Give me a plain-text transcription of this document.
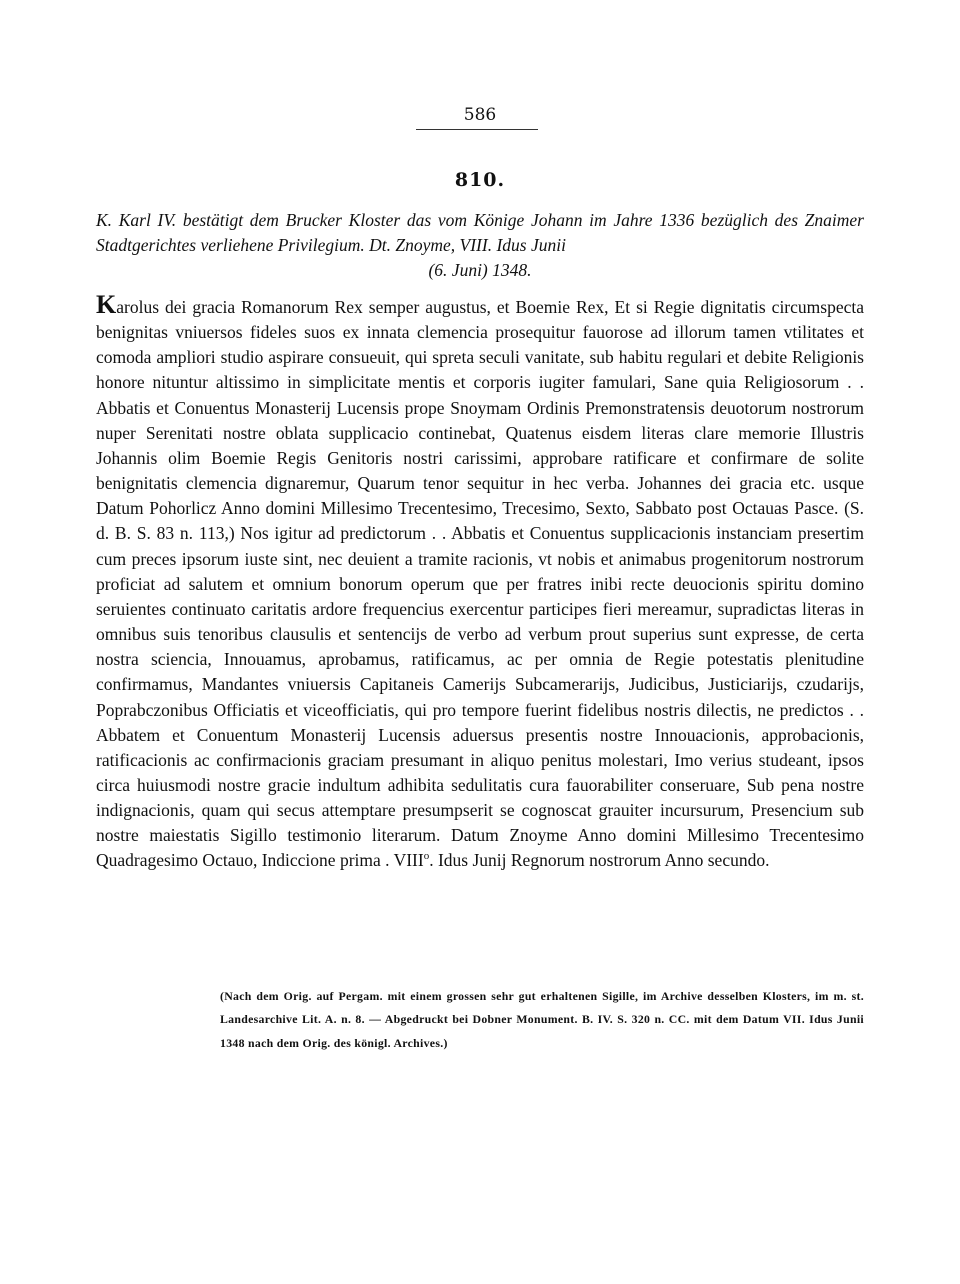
586
810.
K. Karl IV. bestätigt dem Brucker Kloster das vom Könige Johann im Jahre 1336 bezüglich des Znaimer Stadtgerichtes verliehene Privilegium. Dt. Znoyme, VIII. Idus Junii
(6. Juni) 1348.
Karolus dei gracia Romanorum Rex semper augustus, et Boemie Rex, Et si Regie dignitatis circumspecta benignitas vniuersos fideles suos ex innata clemencia prosequitur fauorose ad illorum tamen vtilitates et comoda ampliori studio aspirare consueuit, qui spreta seculi vanitate, sub habitu regulari et debite Religionis honore nituntur altissimo in simplicitate mentis et corporis iugiter famulari, Sane quia Religiosorum . . Abbatis et Conuentus Monasterij Lucensis prope Snoymam Ordinis Premonstratensis deuotorum nostrorum nuper Serenitati nostre oblata supplicacio continebat, Quatenus eisdem literas clare memorie Illustris Johannis olim Boemie Regis Genitoris nostri carissimi, approbare ratificare et confirmare de solite benignitatis clemencia dignaremur, Quarum tenor sequitur in hec verba. Johannes dei gracia etc. usque Datum Pohorlicz Anno domini Millesimo Trecentesimo, Trecesimo, Sexto, Sabbato post Octauas Pasce. (S. d. B. S. 83 n. 113,) Nos igitur ad predictorum . . Abbatis et Conuentus supplicacionis instanciam presertim cum preces ipsorum iuste sint, nec deuient a tramite racionis, vt nobis et animabus progenitorum nostrorum proficiat ad salutem et omnium bonorum operum que per fratres inibi recte deuocionis spiritu domino seruientes continuato caritatis ardore frequencius exercentur participes fieri mereamur, supradictas literas in omnibus suis tenoribus clausulis et sentencijs de verbo ad verbum prout superius sunt expresse, de certa nostra sciencia, Innouamus, aprobamus, ratificamus, ac per omnia de Regie potestatis plenitudine confirmamus, Mandantes vniuersis Capitaneis Camerijs Subcamerarijs, Judicibus, Justiciarijs, czudarijs, Poprabczonibus Officiatis et viceofficiatis, qui pro tempore fuerint fidelibus nostris dilectis, ne predictos . . Abbatem et Conuentum Monasterij Lucensis aduersus presentis nostre Innouacionis, approbacionis, ratificacionis ac confirmacionis graciam presumant in aliquo penitus molestari, Imo verius studeant, ipsos circa huiusmodi nostre gracie indultum adhibita sedulitatis cura fauorabiliter conseruare, Sub pena nostre indignacionis, quam qui secus attemptare presumpserit se cognoscat grauiter incursurum, Presencium sub nostre maiestatis Sigillo testimonio literarum. Datum Znoyme Anno domini Millesimo Trecentesimo Quadragesimo Octauo, Indiccione prima . VIII$^o$. Idus Junij Regnorum nostrorum Anno secundo.
(Nach dem Orig. auf Pergam. mit einem grossen sehr gut erhaltenen Sigille, im Archive desselben Klosters, im m. st. Landesarchive Lit. A. n. 8. — Abgedruckt bei Dobner Monument. B. IV. S. 320 n. CC. mit dem Datum VII. Idus Junii 1348 nach dem Orig. des königl. Archives.)
